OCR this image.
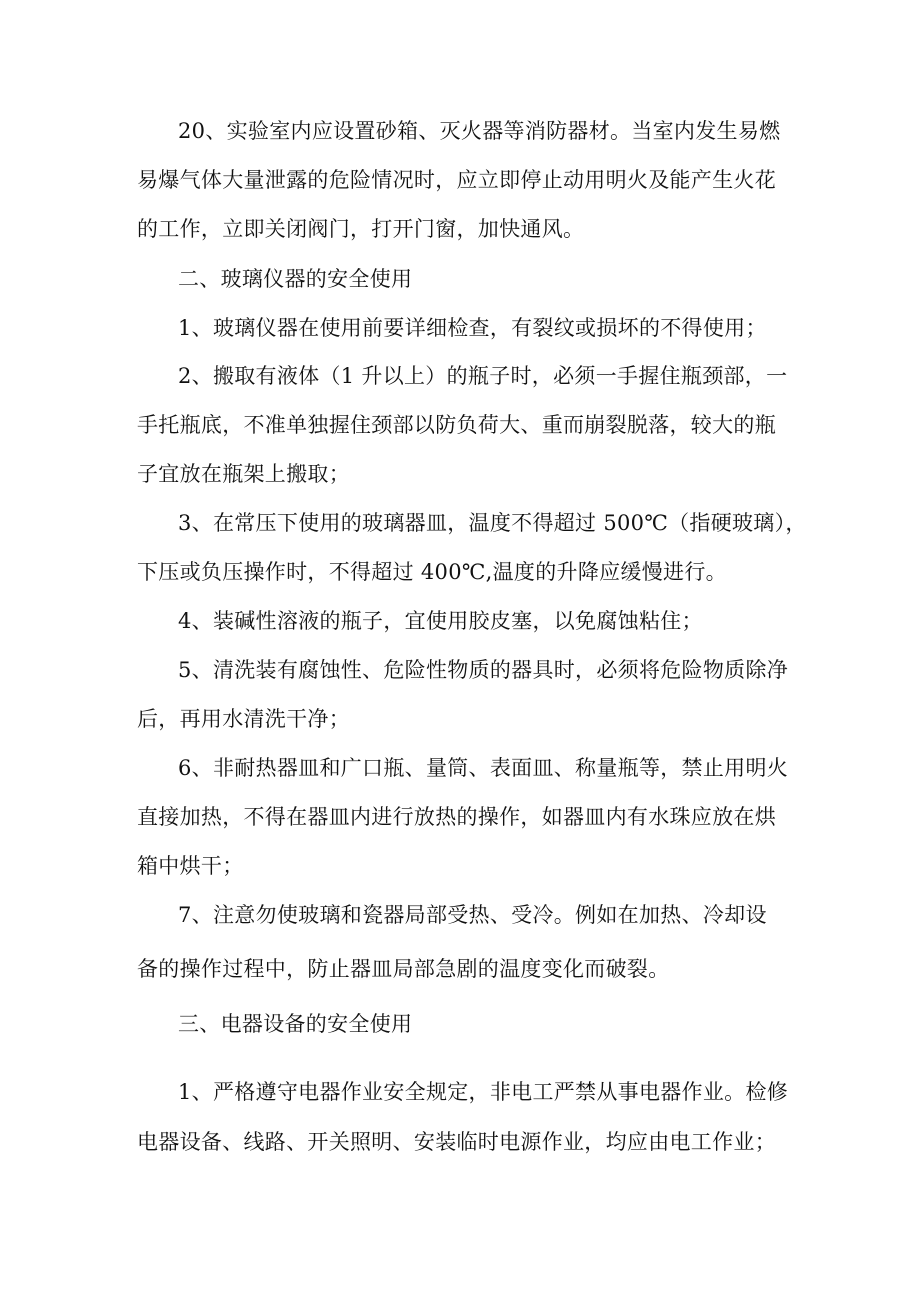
20、实验室内应设置砂箱、灭火器等消防器材。当室内发生易燃
易爆气体大量泄露的危险情况时，应立即停止动用明火及能产生火花
的工作，立即关闭阀门，打开门窗，加快通风。
二、玻璃仪器的安全使用
1、玻璃仪器在使用前要详细检查，有裂纹或损坏的不得使用；
2、搬取有液体（1 升以上）的瓶子时，必须一手握住瓶颈部，一
手托瓶底，不准单独握住颈部以防负荷大、重而崩裂脱落，较大的瓶
子宜放在瓶架上搬取；
3、在常压下使用的玻璃器皿，温度不得超过 500℃（指硬玻璃），
下压或负压操作时，不得超过 400℃,温度的升降应缓慢进行。
4、装碱性溶液的瓶子，宜使用胶皮塞，以免腐蚀粘住；
5、清洗装有腐蚀性、危险性物质的器具时，必须将危险物质除净
后，再用水清洗干净；
6、非耐热器皿和广口瓶、量筒、表面皿、称量瓶等，禁止用明火
直接加热，不得在器皿内进行放热的操作，如器皿内有水珠应放在烘
箱中烘干；
7、注意勿使玻璃和瓷器局部受热、受冷。例如在加热、冷却设
备的操作过程中，防止器皿局部急剧的温度变化而破裂。
三、电器设备的安全使用
1、严格遵守电器作业安全规定，非电工严禁从事电器作业。检修
电器设备、线路、开关照明、安装临时电源作业，均应由电工作业；
